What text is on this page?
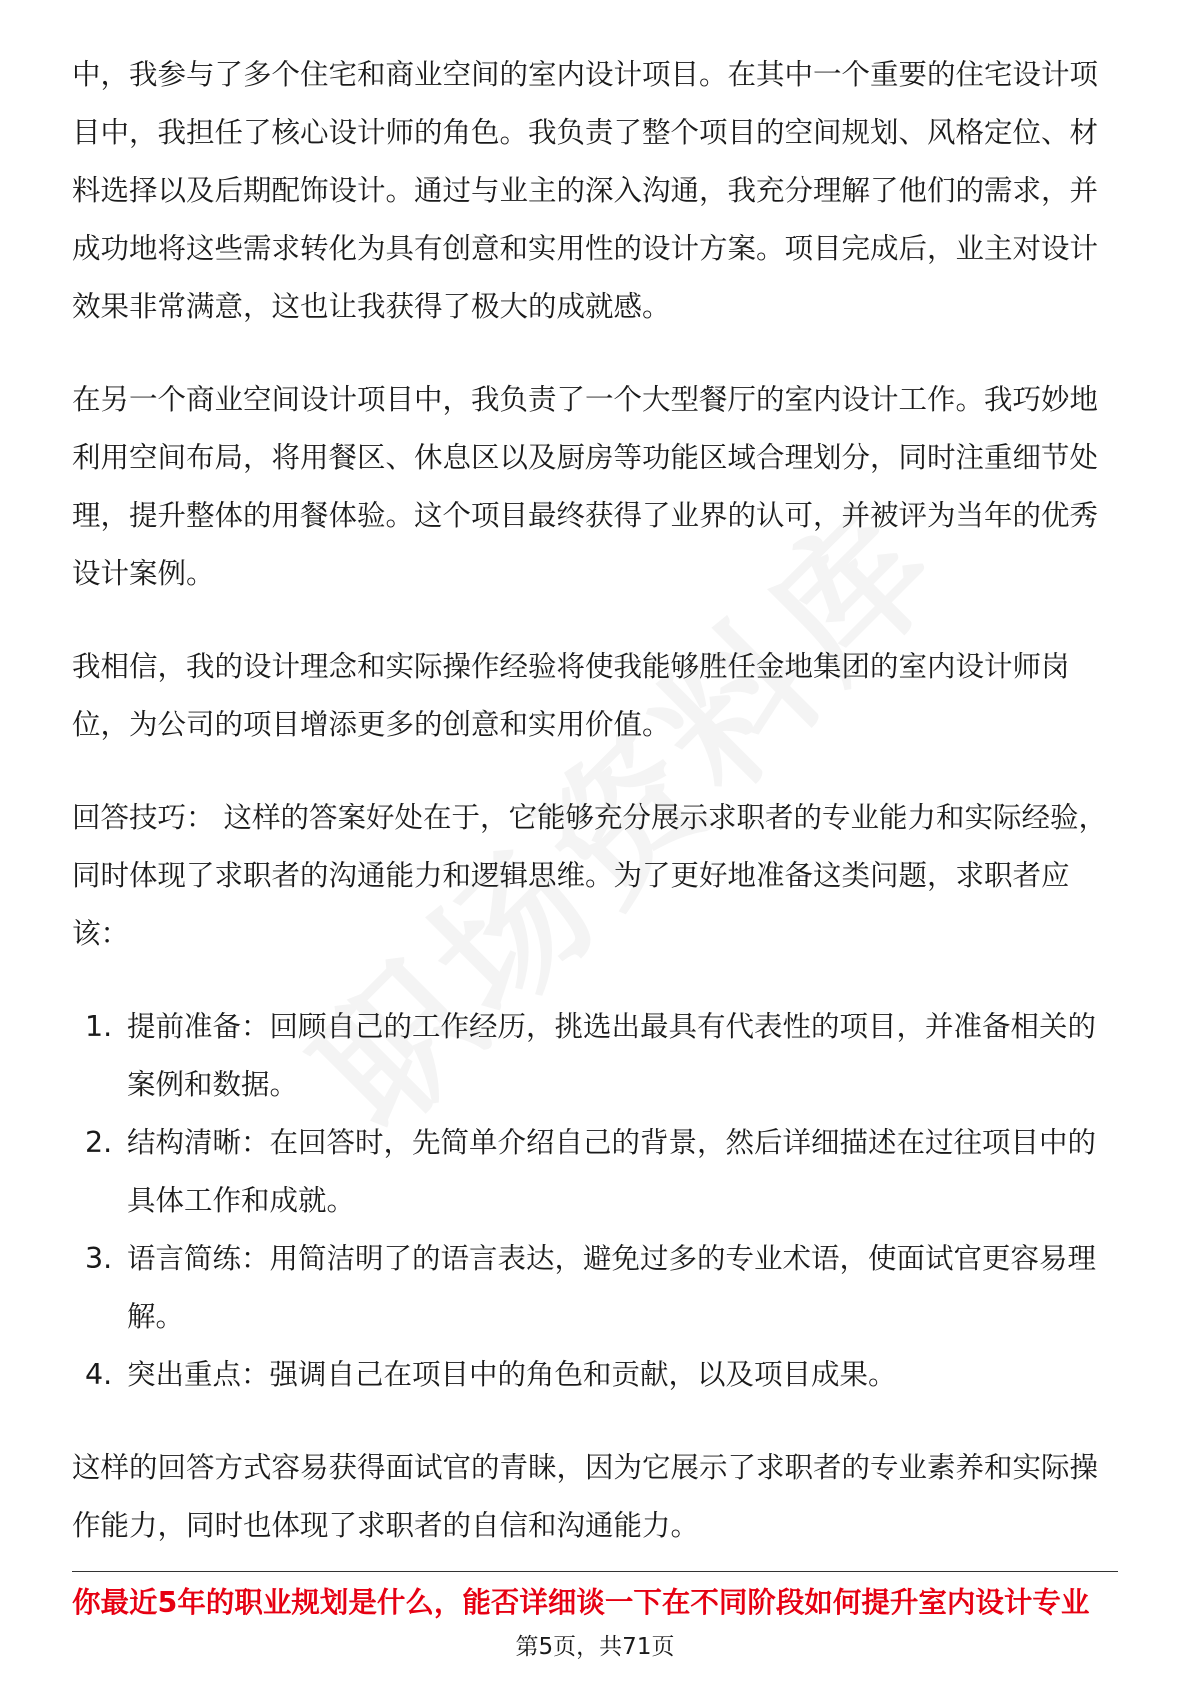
中，我参与了多个住宅和商业空间的室内设计项目。在其中一个重要的住宅设计项目中，我担任了核心设计师的角色。我负责了整个项目的空间规划、风格定位、材料选择以及后期配饰设计。通过与业主的深入沟通，我充分理解了他们的需求，并成功地将这些需求转化为具有创意和实用性的设计方案。项目完成后，业主对设计效果非常满意，这也让我获得了极大的成就感。

在另一个商业空间设计项目中，我负责了一个大型餐厅的室内设计工作。我巧妙地利用空间布局，将用餐区、休息区以及厨房等功能区域合理划分，同时注重细节处理，提升整体的用餐体验。这个项目最终获得了业界的认可，并被评为当年的优秀设计案例。

我相信，我的设计理念和实际操作经验将使我能够胜任金地集团的室内设计师岗位，为公司的项目增添更多的创意和实用价值。

回答技巧： 这样的答案好处在于，它能够充分展示求职者的专业能力和实际经验，同时体现了求职者的沟通能力和逻辑思维。为了更好地准备这类问题，求职者应该：

1. 提前准备：回顾自己的工作经历，挑选出最具有代表性的项目，并准备相关的案例和数据。
2. 结构清晰：在回答时，先简单介绍自己的背景，然后详细描述在过往项目中的具体工作和成就。
3. 语言简练：用简洁明了的语言表达，避免过多的专业术语，使面试官更容易理解。
4. 突出重点：强调自己在项目中的角色和贡献，以及项目成果。

这样的回答方式容易获得面试官的青睐，因为它展示了求职者的专业素养和实际操作能力，同时也体现了求职者的自信和沟通能力。

你最近5年的职业规划是什么，能否详细谈一下在不同阶段如何提升室内设计专业
第5页，共71页
